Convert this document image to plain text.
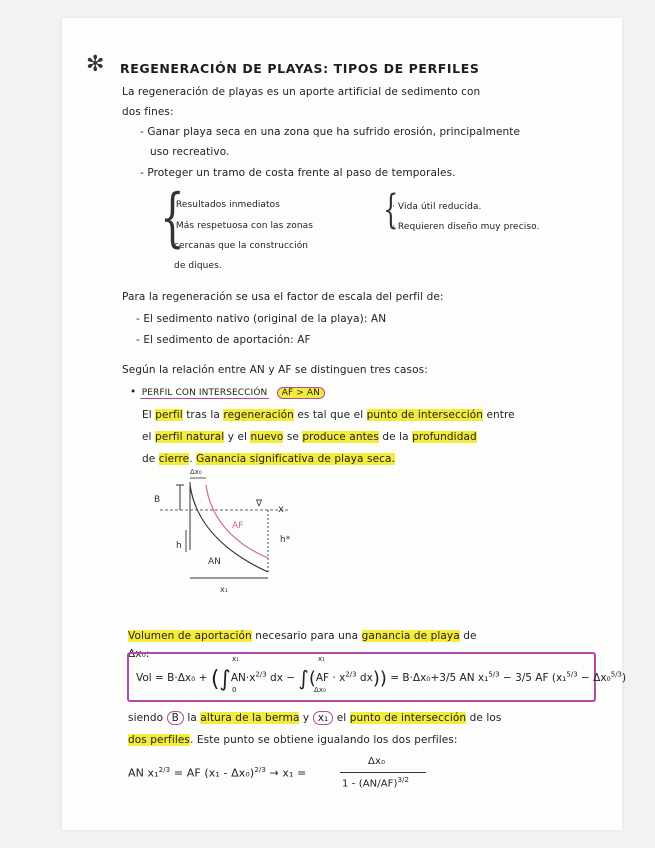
✻ REGENERACIÓN DE PLAYAS: TIPOS DE PERFILES
La regeneración de playas es un aporte artificial de sedimento con
dos fines:
- Ganar playa seca en una zona que ha sufrido erosión, principalmente
uso recreativo.
- Proteger un tramo de costa frente al paso de temporales.
{
· Resultados inmediatos
· Más respetuosa con las zonas
cercanas que la construcción
de diques.
{
· Vida útil reducida.
· Requieren diseño muy preciso.
Para la regeneración se usa el factor de escala del perfil de:
- El sedimento nativo (original de la playa): AN
- El sedimento de aportación: AF
Según la relación entre AN y AF se distinguen tres casos:
• PERFIL CON INTERSECCIÓN AF > AN
El perfil tras la regeneración es tal que el punto de intersección entre
el perfil natural y el nuevo se produce antes de la profundidad
de cierre. Ganancia significativa de playa seca.
B
Δx₀
∇ x
AF
AN
h
h*
x₁
Volumen de aportación necesario para una ganancia de playa de
Δx₀:
Vol = $B\cdot\Delta x_0 + (\int AN\cdot x^{2/3}$ dx − $\int(AF \cdot x^{2/3}$ dx)) = B·Δx₀+3/5 AN x₁$^{5/3}$ − 3/5 AF (x₁$^{5/3}$ − Δx₀$^{5/3}$)
x₁
0
x₁
Δx₀
siendo B la altura de la berma y x₁ el punto de intersección de los
dos perfiles. Este punto se obtiene igualando los dos perfiles:
AN x₁$^{2/3}$ = AF (x₁ - Δx₀)$^{2/3}$ → x₁ =
Δx₀
$1 - (AN/AF)^{3/2}$
